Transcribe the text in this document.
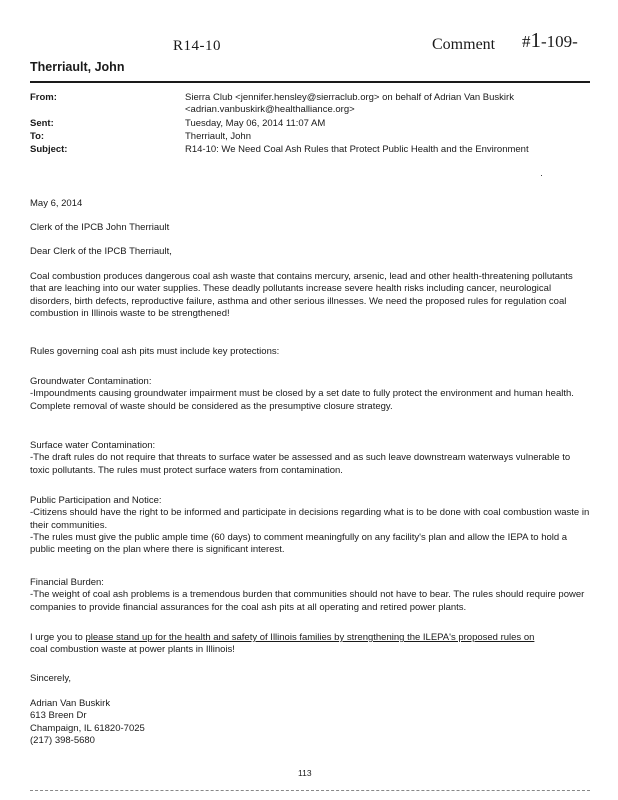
R14-10	Comment #1-109-
Therriault, John
From:	Sierra Club <jennifer.hensley@sierraclub.org> on behalf of Adrian Van Buskirk <adrian.vanbuskirk@healthalliance.org>
Sent:	Tuesday, May 06, 2014 11:07 AM
To:	Therriault, John
Subject:	R14-10: We Need Coal Ash Rules that Protect Public Health and the Environment
·
May 6, 2014
Clerk of the IPCB John Therriault
Dear Clerk of the IPCB Therriault,

Coal combustion produces dangerous coal ash waste that contains mercury, arsenic, lead and other health-threatening pollutants that are leaching into our water supplies. These deadly pollutants increase severe health risks including cancer, neurological disorders, birth defects, reproductive failure, asthma and other serious illnesses. We need the proposed rules for regulation coal combustion in Illinois waste to be strengthened!

Rules governing coal ash pits must include key protections:

Groundwater Contamination:

-Impoundments causing groundwater impairment must be closed by a set date to fully protect the environment and human health.

Complete removal of waste should be considered as the presumptive closure strategy.

Surface water Contamination:

-The draft rules do not require that threats to surface water be assessed and as such leave downstream waterways vulnerable to toxic pollutants. The rules must protect surface waters from contamination.

Public Participation and Notice:

-Citizens should have the right to be informed and participate in decisions regarding what is to be done with coal combustion waste in their communities.

-The rules must give the public ample time (60 days) to comment meaningfully on any facility's plan and allow the IEPA to hold a public meeting on the plan where there is significant interest.

Financial Burden:

-The weight of coal ash problems is a tremendous burden that communities should not have to bear. The rules should require power companies to provide financial assurances for the coal ash pits at all operating and retired power plants.

I urge you to please stand up for the health and safety of Illinois families by strengthening the ILEPA's proposed rules on
coal combustion waste at power plants in Illinois!
Sincerely,

Adrian Van Buskirk

613 Breen Dr

Champaign, IL 61820-7025

(217) 398-5680

113
